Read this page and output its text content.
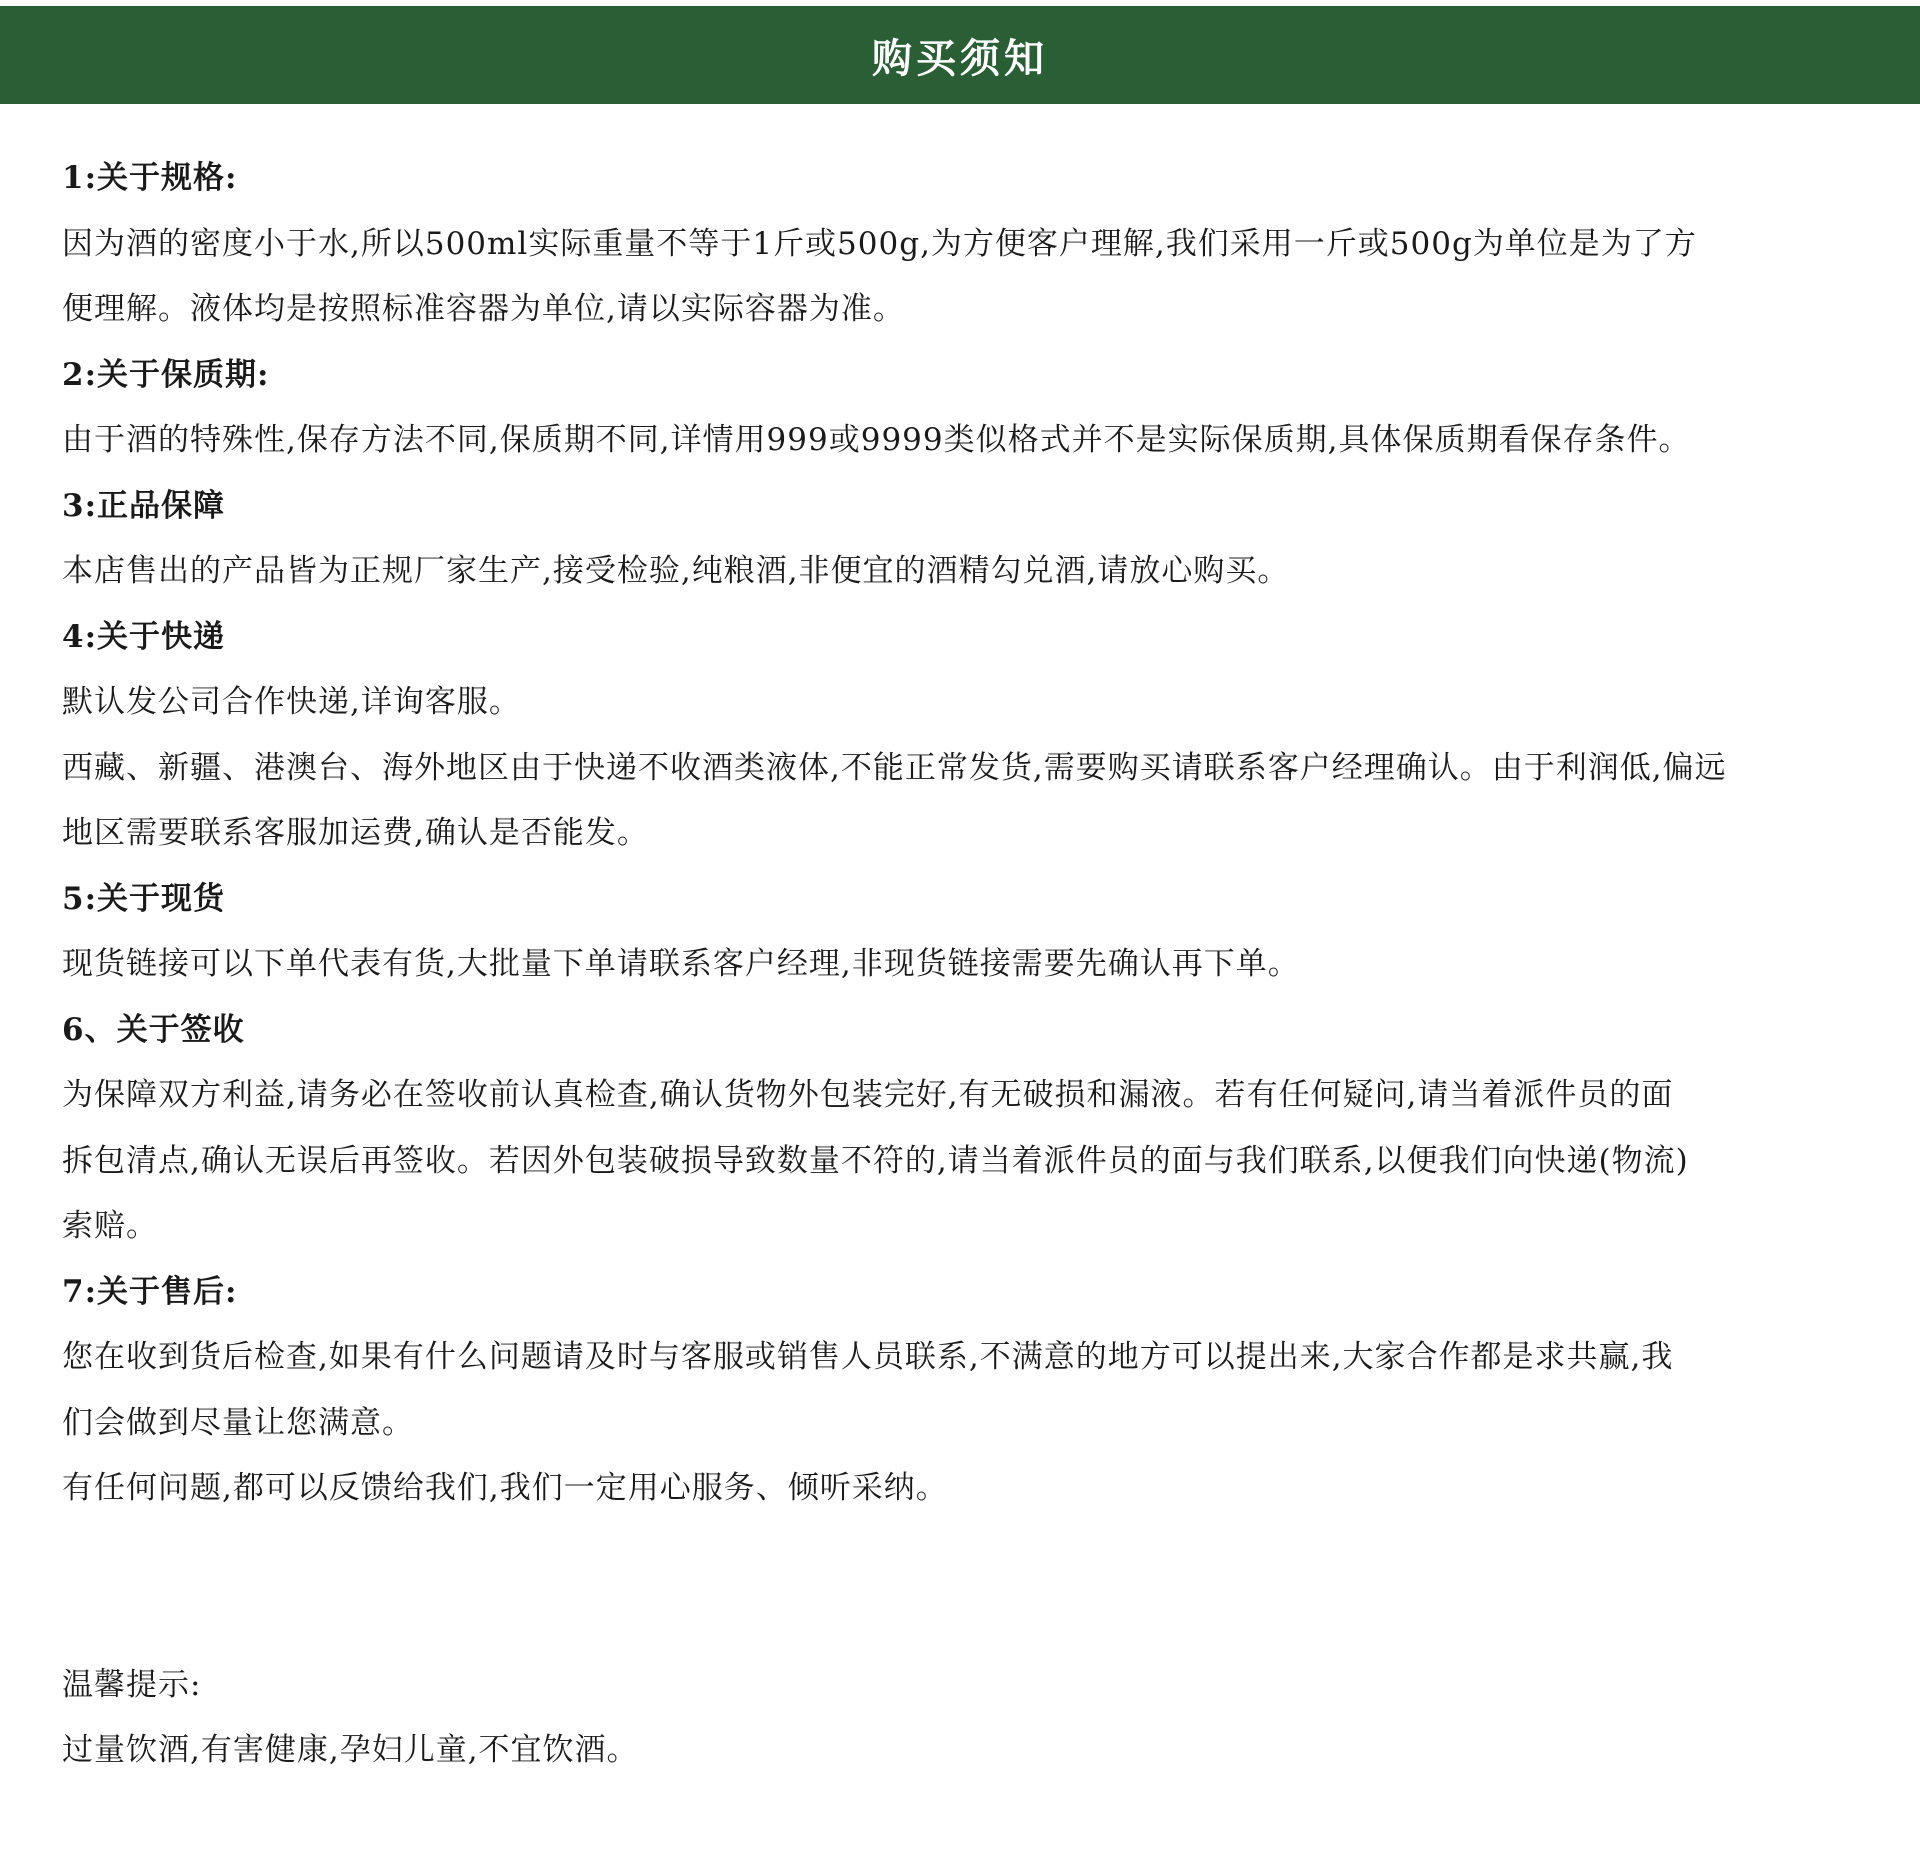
购买须知
1:关于规格:
因为酒的密度小于水,所以500ml实际重量不等于1斤或500g,为方便客户理解,我们采用一斤或500g为单位是为了方
便理解。液体均是按照标准容器为单位,请以实际容器为准。
2:关于保质期:
由于酒的特殊性,保存方法不同,保质期不同,详情用999或9999类似格式并不是实际保质期,具体保质期看保存条件。
3:正品保障
本店售出的产品皆为正规厂家生产,接受检验,纯粮酒,非便宜的酒精勾兑酒,请放心购买。
4:关于快递
默认发公司合作快递,详询客服。
西藏、新疆、港澳台、海外地区由于快递不收酒类液体,不能正常发货,需要购买请联系客户经理确认。由于利润低,偏远
地区需要联系客服加运费,确认是否能发。
5:关于现货
现货链接可以下单代表有货,大批量下单请联系客户经理,非现货链接需要先确认再下单。
6、关于签收
为保障双方利益,请务必在签收前认真检查,确认货物外包装完好,有无破损和漏液。若有任何疑问,请当着派件员的面
拆包清点,确认无误后再签收。若因外包装破损导致数量不符的,请当着派件员的面与我们联系,以便我们向快递(物流)
索赔。
7:关于售后:
您在收到货后检查,如果有什么问题请及时与客服或销售人员联系,不满意的地方可以提出来,大家合作都是求共赢,我
们会做到尽量让您满意。
有任何问题,都可以反馈给我们,我们一定用心服务、倾听采纳。
温馨提示:
过量饮酒,有害健康,孕妇儿童,不宜饮酒。
